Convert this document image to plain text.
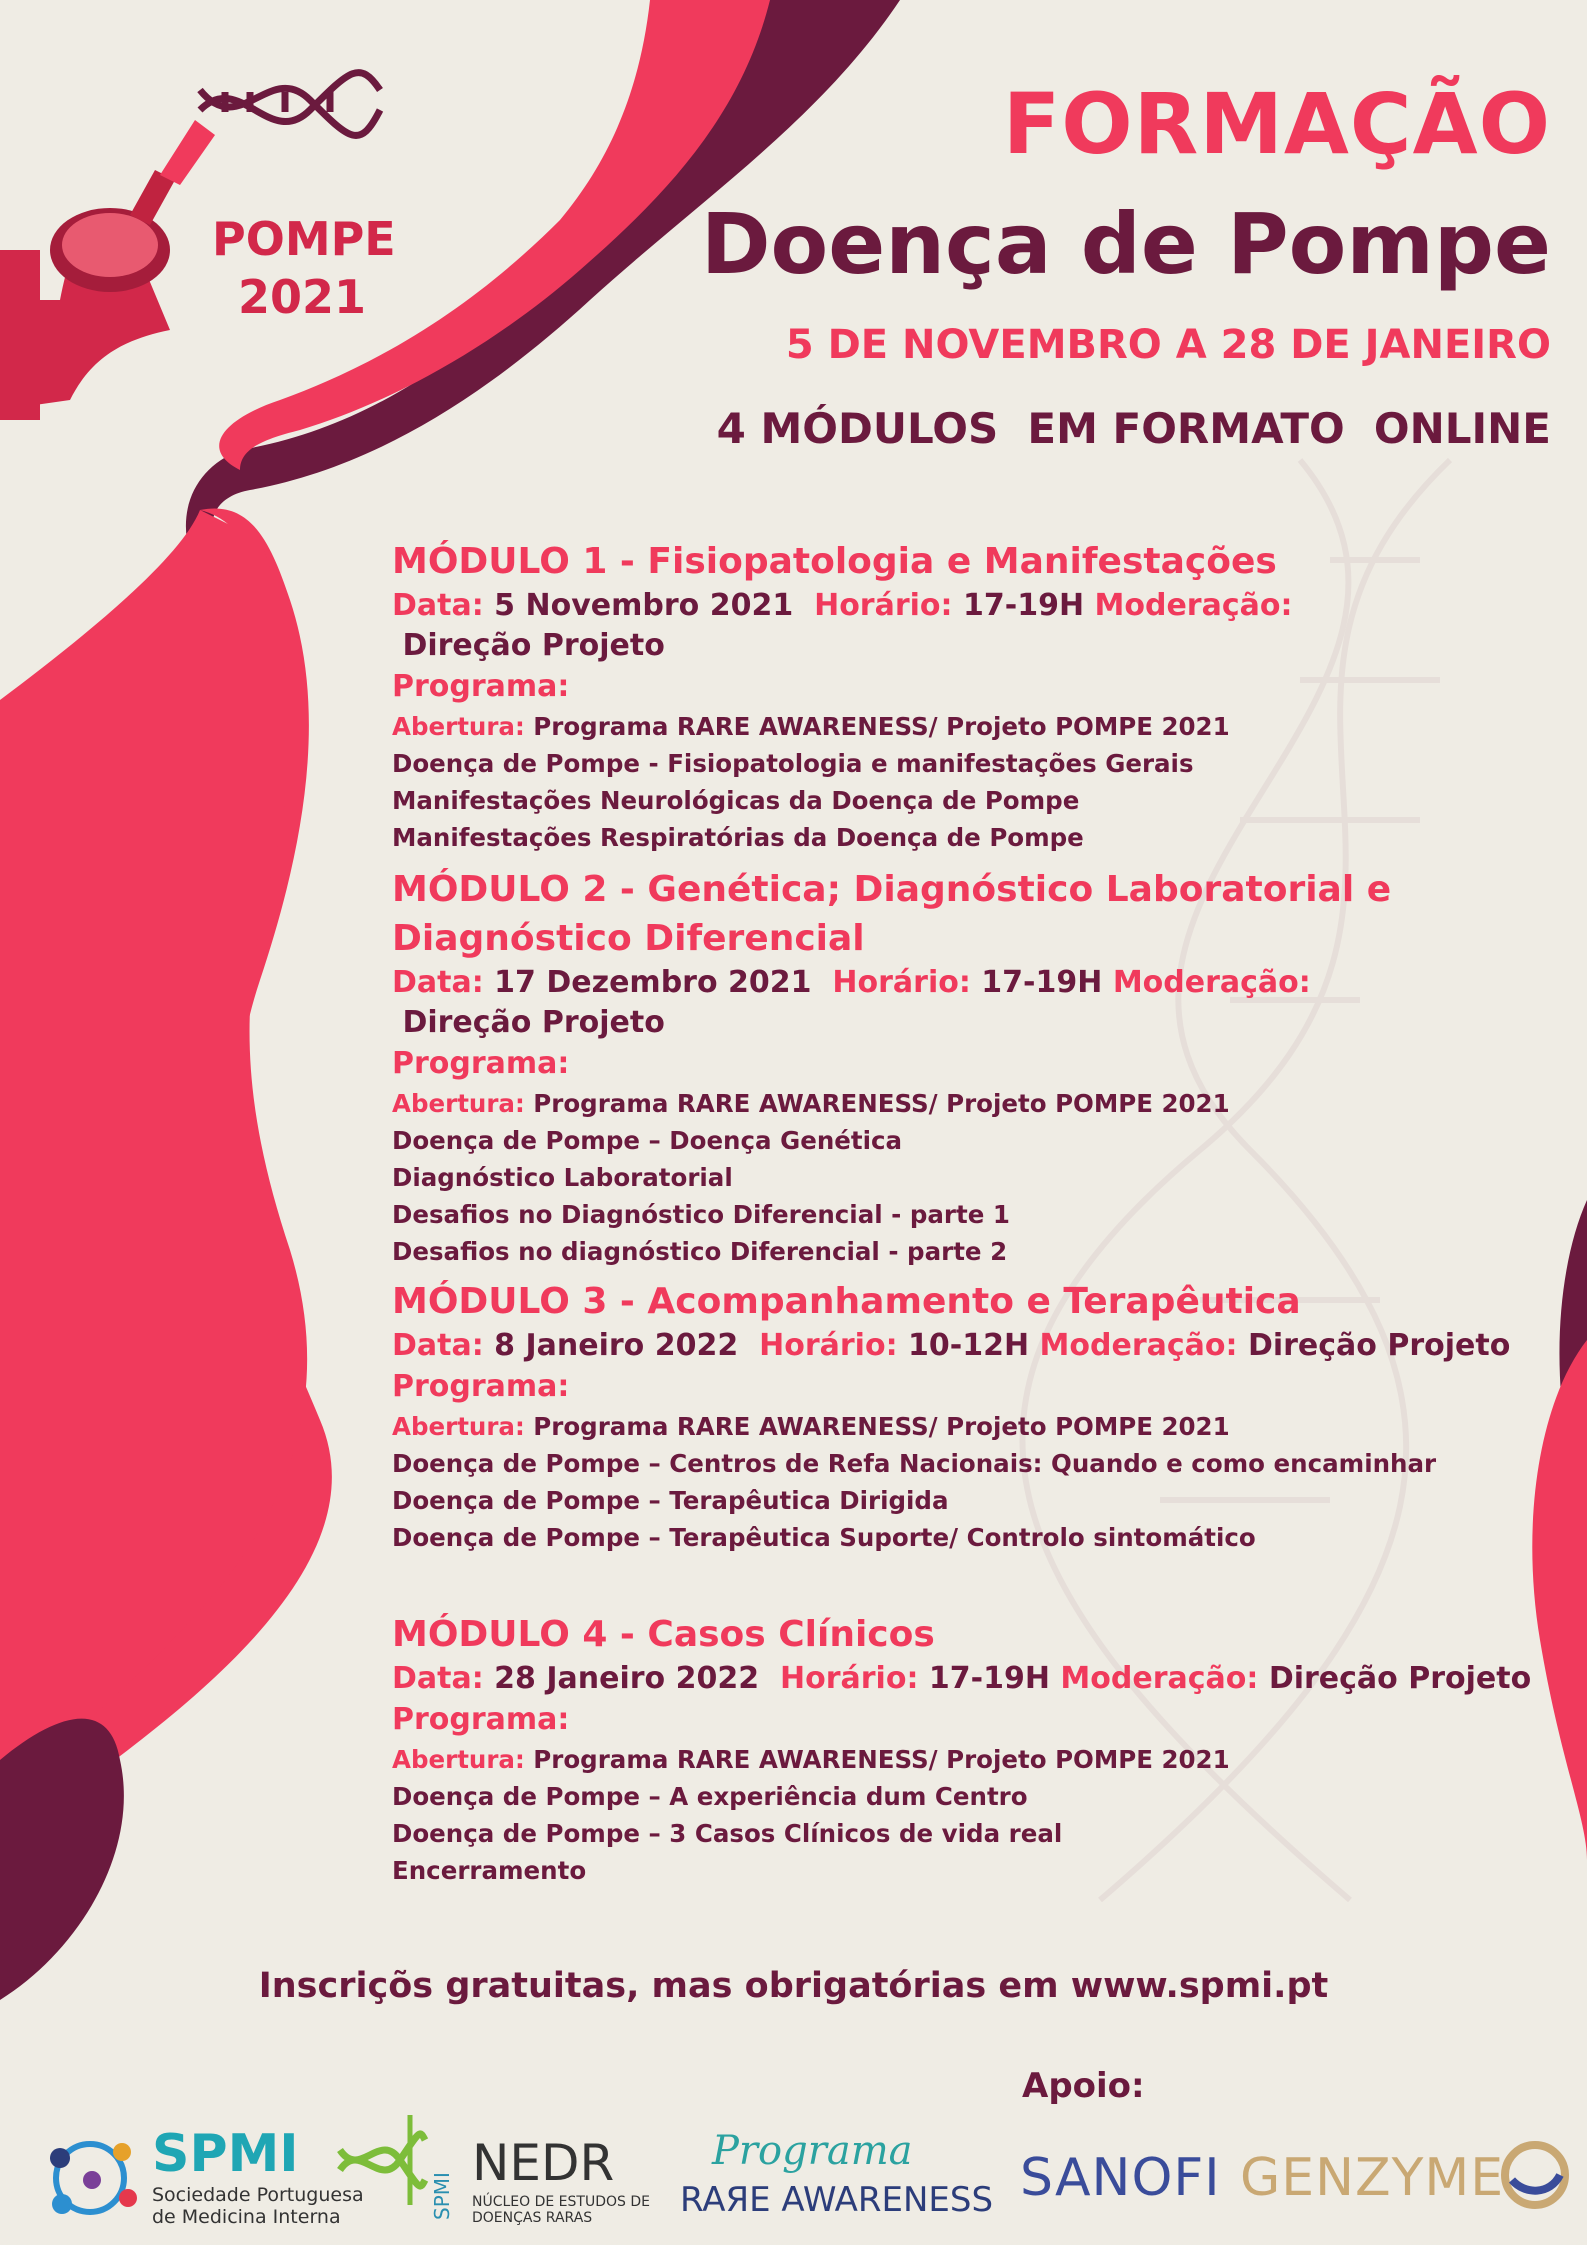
POMPE
2021
FORMAÇÃO
Doença de Pompe
5 DE NOVEMBRO A 28 DE JANEIRO
4 MÓDULOS  EM FORMATO  ONLINE
MÓDULO 1 - Fisiopatologia e Manifestações
Data: 5 Novembro 2021  Horário: 17-19H Moderação: Direção Projeto
Programa:
Abertura: Programa RARE AWARENESS/ Projeto POMPE 2021
Doença de Pompe - Fisiopatologia e manifestações Gerais
Manifestações Neurológicas da Doença de Pompe
Manifestações Respiratórias da Doença de Pompe
MÓDULO 2 - Genética; Diagnóstico Laboratorial e Diagnóstico Diferencial
Data: 17 Dezembro 2021  Horário: 17-19H Moderação: Direção Projeto
Programa:
Abertura: Programa RARE AWARENESS/ Projeto POMPE 2021
Doença de Pompe – Doença Genética
Diagnóstico Laboratorial
Desafios no Diagnóstico Diferencial - parte 1
Desafios no diagnóstico Diferencial - parte 2
MÓDULO 3 - Acompanhamento e Terapêutica
Data: 8 Janeiro 2022  Horário: 10-12H Moderação: Direção Projeto
Programa:
Abertura: Programa RARE AWARENESS/ Projeto POMPE 2021
Doença de Pompe – Centros de Refa Nacionais: Quando e como encaminhar
Doença de Pompe – Terapêutica Dirigida
Doença de Pompe – Terapêutica Suporte/ Controlo sintomático
MÓDULO 4 - Casos Clínicos
Data: 28 Janeiro 2022  Horário: 17-19H Moderação: Direção Projeto
Programa:
Abertura: Programa RARE AWARENESS/ Projeto POMPE 2021
Doença de Pompe – A experiência dum Centro
Doença de Pompe – 3 Casos Clínicos de vida real
Encerramento
Inscriçõs gratuitas, mas obrigatórias em www.spmi.pt
Apoio:
SPMI
Sociedade Portuguesa
de Medicina Interna	SPMI
NEDR
NÚCLEO DE ESTUDOS DE
DOENÇAS RARAS
Programa
RAЯE AWARENESS SANOFI GENZYME
